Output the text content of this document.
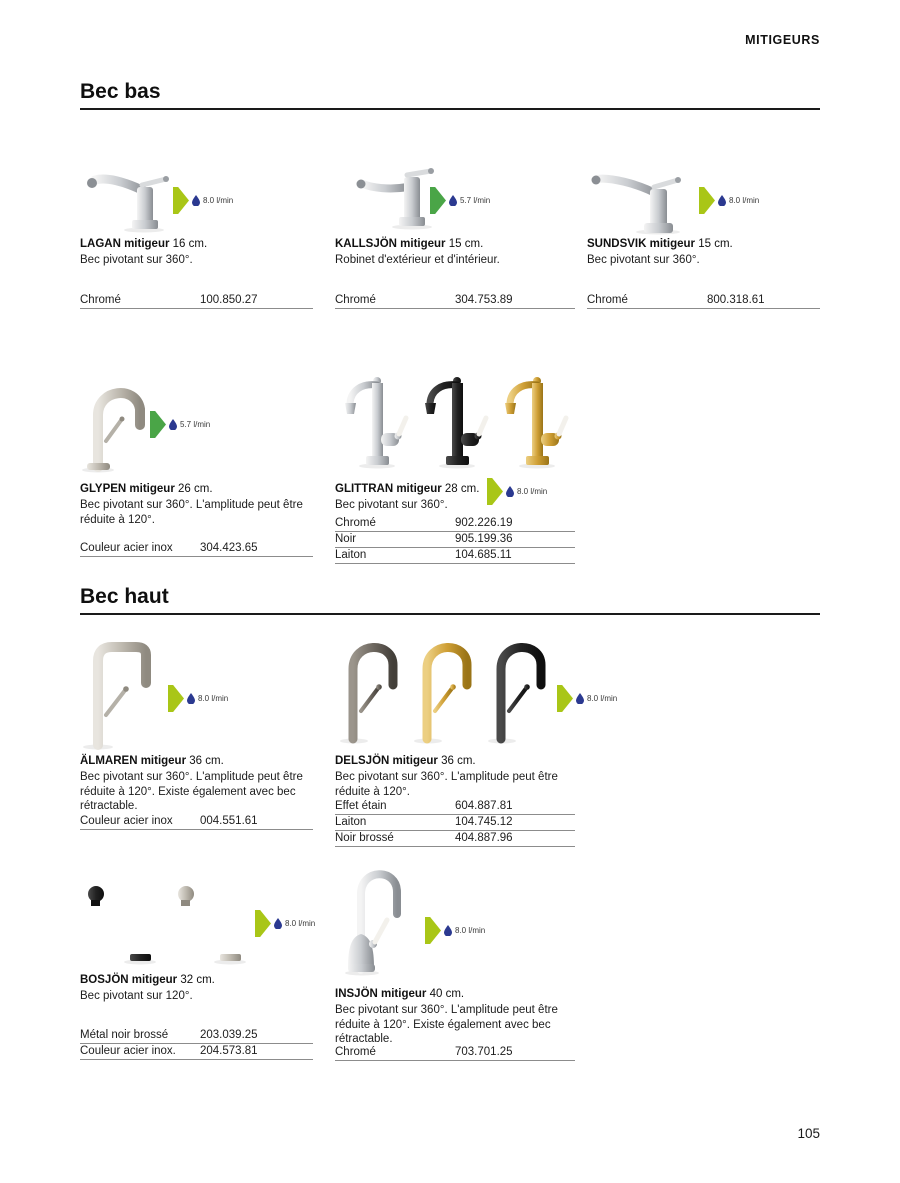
MITIGEURS
Bec bas
8.0 l/min
LAGAN mitigeur 16 cm.
Bec pivotant sur 360°.
Chromé	100.850.27
5.7 l/min
KALLSJÖN mitigeur 15 cm.
Robinet d'extérieur et d'intérieur.
Chromé	304.753.89
8.0 l/min
SUNDSVIK mitigeur 15 cm.
Bec pivotant sur 360°.
Chromé	800.318.61
5.7 l/min
GLYPEN mitigeur 26 cm.
Bec pivotant sur 360°. L'amplitude peut être réduite à 120°.
Couleur acier inox	304.423.65
8.0 l/min
GLITTRAN mitigeur 28 cm.
Bec pivotant sur 360°.
Chromé	902.226.19
Noir	905.199.36
Laiton	104.685.11
Bec haut
8.0 l/min
ÄLMAREN mitigeur 36 cm.
Bec pivotant sur 360°. L'amplitude peut être réduite à 120°. Existe également avec bec rétractable.
Couleur acier inox	004.551.61
8.0 l/min
DELSJÖN mitigeur 36 cm.
Bec pivotant sur 360°. L'amplitude peut être réduite à 120°.
Effet étain	604.887.81
Laiton	104.745.12
Noir brossé	404.887.96
8.0 l/min
BOSJÖN mitigeur 32 cm.
Bec pivotant sur 120°.
Métal noir brossé	203.039.25
Couleur acier inox.	204.573.81
8.0 l/min
INSJÖN mitigeur 40 cm.
Bec pivotant sur 360°. L'amplitude peut être réduite à 120°. Existe également avec bec rétractable.
Chromé	703.701.25
105
